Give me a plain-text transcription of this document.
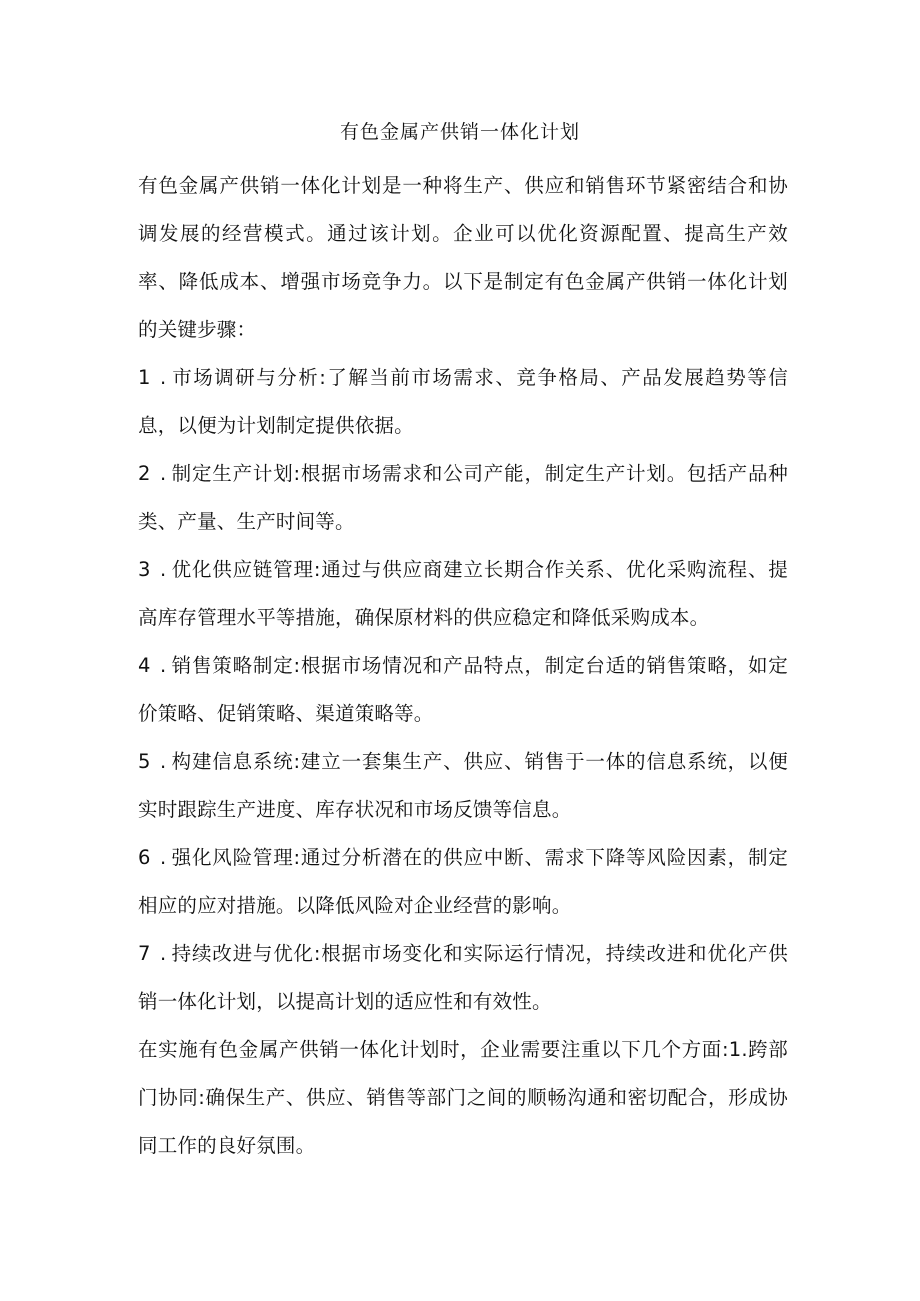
有色金属产供销一体化计划

有色金属产供销一体化计划是一种将生产、供应和销售环节紧密结合和协调发展的经营模式。通过该计划。企业可以优化资源配置、提高生产效率、降低成本、增强市场竞争力。以下是制定有色金属产供销一体化计划的关键步骤：

1 . 市场调研与分析:了解当前市场需求、竞争格局、产品发展趋势等信息，以便为计划制定提供依据。

2 . 制定生产计划:根据市场需求和公司产能，制定生产计划。包括产品种类、产量、生产时间等。

3 . 优化供应链管理:通过与供应商建立长期合作关系、优化采购流程、提高库存管理水平等措施，确保原材料的供应稳定和降低采购成本。

4 . 销售策略制定:根据市场情况和产品特点，制定台适的销售策略，如定价策略、促销策略、渠道策略等。

5 . 构建信息系统:建立一套集生产、供应、销售于一体的信息系统，以便实时跟踪生产进度、库存状况和市场反馈等信息。

6 . 强化风险管理:通过分析潜在的供应中断、需求下降等风险因素，制定相应的应对措施。以降低风险对企业经营的影响。

7 . 持续改进与优化:根据市场变化和实际运行情况，持续改进和优化产供销一体化计划，以提高计划的适应性和有效性。

在实施有色金属产供销一体化计划时，企业需要注重以下几个方面:1.跨部门协同:确保生产、供应、销售等部门之间的顺畅沟通和密切配合，形成协同工作的良好氛围。
